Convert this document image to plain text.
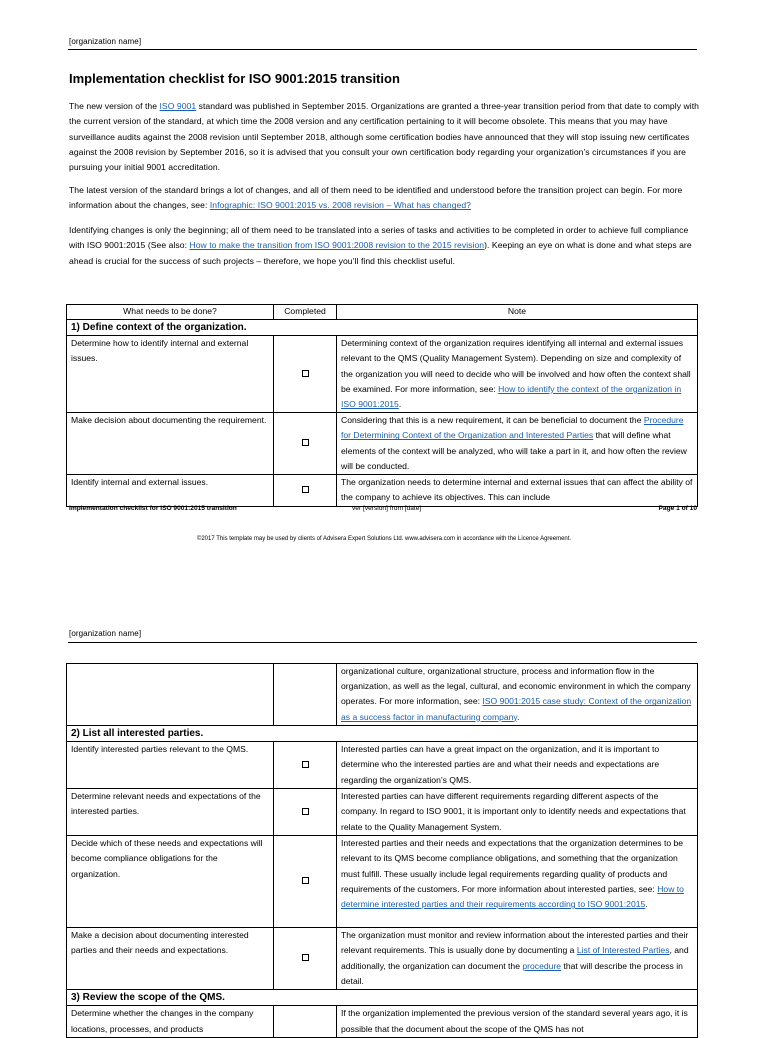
[organization name]
Implementation checklist for ISO 9001:2015 transition
The new version of the ISO 9001 standard was published in September 2015. Organizations are granted a three-year transition period from that date to comply with the current version of the standard, at which time the 2008 version and any certification pertaining to it will become obsolete. This means that you may have surveillance audits against the 2008 revision until September 2018, although some certification bodies have announced that they will stop issuing new certificates against the 2008 revision by September 2016, so it is advised that you consult your own certification body regarding your organization’s circumstances if you are pursuing your initial 9001 accreditation.
The latest version of the standard brings a lot of changes, and all of them need to be identified and understood before the transition project can begin. For more information about the changes, see: Infographic: ISO 9001:2015 vs. 2008 revision – What has changed?
Identifying changes is only the beginning; all of them need to be translated into a series of tasks and activities to be completed in order to achieve full compliance with ISO 9001:2015 (See also: How to make the transition from ISO 9001:2008 revision to the 2015 revision). Keeping an eye on what is done and what steps are ahead is crucial for the success of such projects – therefore, we hope you’ll find this checklist useful.
What needs to be done?	Completed	Note
1) Define context of the organization.		
Determine how to identify internal and external issues.		Determining context of the organization requires identifying all internal and external issues relevant to the QMS (Quality Management System). Depending on size and complexity of the organization you will need to decide who will be involved and how often the context shall be examined. For more information, see: How to identify the context of the organization in ISO 9001:2015.
Make decision about documenting the requirement.		Considering that this is a new requirement, it can be beneficial to document the Procedure for Determining Context of the Organization and Interested Parties that will define what elements of the context will be analyzed, who will take a part in it, and how often the review will be conducted.
Identify internal and external issues.		The organization needs to determine internal and external issues that can affect the ability of the company to achieve its objectives. This can include
Implementation checklist for ISO 9001:2015 transition	ver [version] from [date]	Page 1 of 10
©2017 This template may be used by clients of Advisera Expert Solutions Ltd. www.advisera.com in accordance with the Licence Agreement.
[organization name]
		organizational culture, organizational structure, process and information flow in the organization, as well as the legal, cultural, and economic environment in which the company operates. For more information, see: ISO 9001:2015 case study: Context of the organization as a success factor in manufacturing company.
2) List all interested parties.		
Identify interested parties relevant to the QMS.		Interested parties can have a great impact on the organization, and it is important to determine who the interested parties are and what their needs and expectations are regarding the organization’s QMS.
Determine relevant needs and expectations of the interested parties.		Interested parties can have different requirements regarding different aspects of the company. In regard to ISO 9001, it is important only to identify needs and expectations that relate to the Quality Management System.
Decide which of these needs and expectations will become compliance obligations for the organization.		Interested parties and their needs and expectations that the organization determines to be relevant to its QMS become compliance obligations, and something that the organization must fulfill. These usually include legal requirements regarding quality of products and requirements of the customers. For more information about interested parties, see: How to determine interested parties and their requirements according to ISO 9001:2015.
Make a decision about documenting interested parties and their needs and expectations.		The organization must monitor and review information about the interested parties and their relevant requirements. This is usually done by documenting a List of Interested Parties, and additionally, the organization can document the procedure that will describe the process in detail.
3) Review the scope of the QMS.		
Determine whether the changes in the company locations, processes, and products		If the organization implemented the previous version of the standard several years ago, it is possible that the document about the scope of the QMS has not
